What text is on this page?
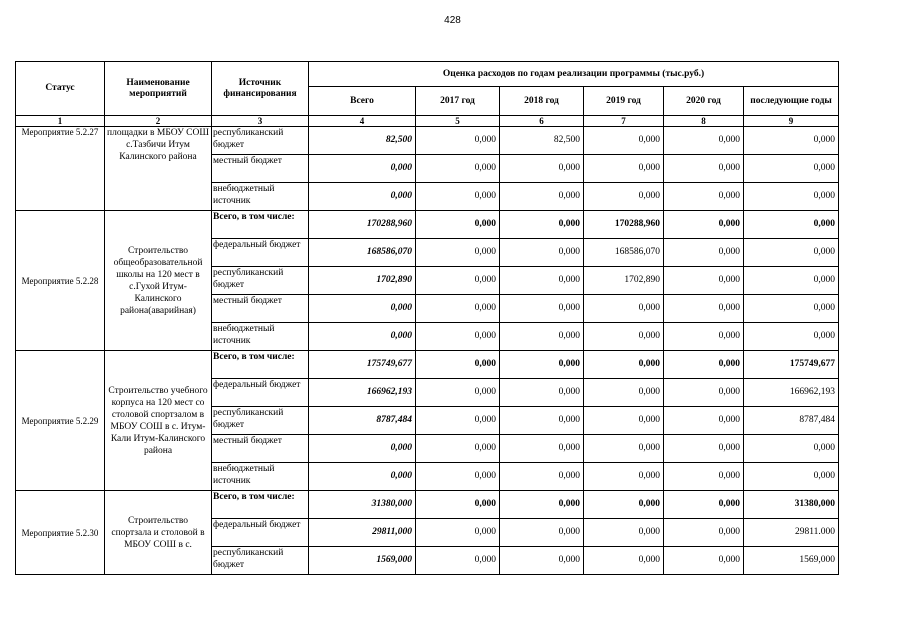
428
Статус	Наименование мероприятий	Источник финансирования	Оценка расходов по годам реализации программы (тыс.руб.)					
			Всего	2017 год	2018 год	2019 год	2020 год	последующие годы
1	2	3	4	5	6	7	8	9
Мероприятие 5.2.27	площадки в МБОУ СОШ с.Тазбичи Итум Калинского района	республиканский бюджет	82,500	0,000	82,500	0,000	0,000	0,000
		местный бюджет	0,000	0,000	0,000	0,000	0,000	0,000
		внебюджетный источник	0,000	0,000	0,000	0,000	0,000	0,000
Мероприятие 5.2.28	Строительство общеобразовательной школы на 120 мест в с.Гухой Итум-Калинского района(аварийная)	Всего, в том числе:	170288,960	0,000	0,000	170288,960	0,000	0,000
		федеральный бюджет	168586,070	0,000	0,000	168586,070	0,000	0,000
		республиканский бюджет	1702,890	0,000	0,000	1702,890	0,000	0,000
		местный бюджет	0,000	0,000	0,000	0,000	0,000	0,000
		внебюджетный источник	0,000	0,000	0,000	0,000	0,000	0,000
Мероприятие 5.2.29	Строительство учебного корпуса на 120 мест со столовой спортзалом в МБОУ СОШ в с. Итум-Кали Итум-Калинского района	Всего, в том числе:	175749,677	0,000	0,000	0,000	0,000	175749,677
		федеральный бюджет	166962,193	0,000	0,000	0,000	0,000	166962,193
		республиканский бюджет	8787,484	0,000	0,000	0,000	0,000	8787,484
		местный бюджет	0,000	0,000	0,000	0,000	0,000	0,000
		внебюджетный источник	0,000	0,000	0,000	0,000	0,000	0,000
Мероприятие 5.2.30	Строительство спортзала и столовой в МБОУ СОШ в с.	Всего, в том числе:	31380,000	0,000	0,000	0,000	0,000	31380,000
		федеральный бюджет	29811,000	0,000	0,000	0,000	0,000	29811.000
		республиканский бюджет	1569,000	0,000	0,000	0,000	0,000	1569,000
